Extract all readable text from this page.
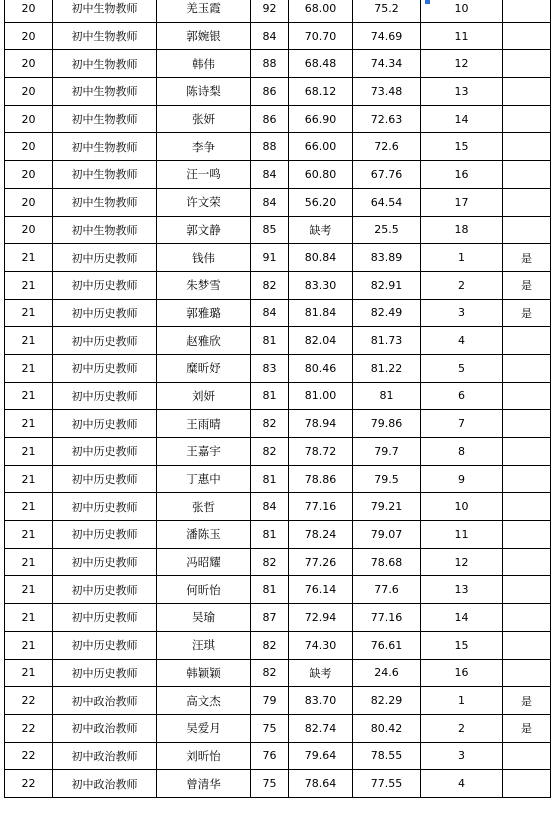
20	初中生物教师	羌玉霞	92	68.00	75.2	10	
20	初中生物教师	郭婉银	84	70.70	74.69	11	
20	初中生物教师	韩伟	88	68.48	74.34	12	
20	初中生物教师	陈诗梨	86	68.12	73.48	13	
20	初中生物教师	张妍	86	66.90	72.63	14	
20	初中生物教师	李争	88	66.00	72.6	15	
20	初中生物教师	汪一鸣	84	60.80	67.76	16	
20	初中生物教师	许文荣	84	56.20	64.54	17	
20	初中生物教师	郭文静	85	缺考	25.5	18	
21	初中历史教师	钱伟	91	80.84	83.89	1	是
21	初中历史教师	朱梦雪	82	83.30	82.91	2	是
21	初中历史教师	郭雅璐	84	81.84	82.49	3	是
21	初中历史教师	赵雅欣	81	82.04	81.73	4	
21	初中历史教师	糜昕妤	83	80.46	81.22	5	
21	初中历史教师	刘妍	81	81.00	81	6	
21	初中历史教师	王雨晴	82	78.94	79.86	7	
21	初中历史教师	王嘉宇	82	78.72	79.7	8	
21	初中历史教师	丁惠中	81	78.86	79.5	9	
21	初中历史教师	张哲	84	77.16	79.21	10	
21	初中历史教师	潘陈玉	81	78.24	79.07	11	
21	初中历史教师	冯昭耀	82	77.26	78.68	12	
21	初中历史教师	何昕怡	81	76.14	77.6	13	
21	初中历史教师	吴瑜	87	72.94	77.16	14	
21	初中历史教师	汪琪	82	74.30	76.61	15	
21	初中历史教师	韩颖颖	82	缺考	24.6	16	
22	初中政治教师	高文杰	79	83.70	82.29	1	是
22	初中政治教师	吴爱月	75	82.74	80.42	2	是
22	初中政治教师	刘昕怡	76	79.64	78.55	3	
22	初中政治教师	曾清华	75	78.64	77.55	4	
